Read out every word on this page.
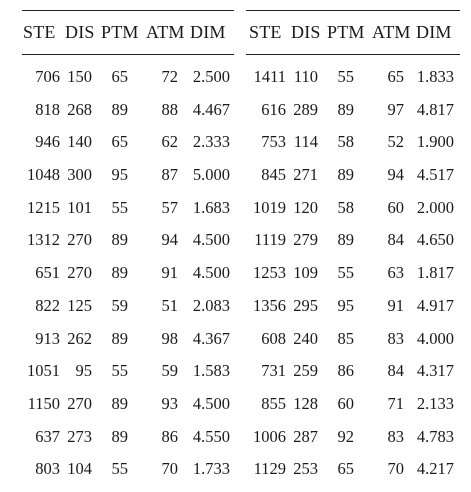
STE DIS PTM ATM DIM STE DIS PTM ATM DIM
706 150	65	72 2.500	1411 110	55	65 1.833
818 268	89	88 4.467	616 289	89	97 4.817
946 140	65	62 2.333	753 114	58	52 1.900
1048 300	95	87 5.000	845 271	89	94 4.517
1215 101	55	57 1.683	1019 120	58	60 2.000
1312 270	89	94 4.500	1119 279	89	84 4.650
651 270	89	91 4.500	1253 109	55	63 1.817
822 125	59	51 2.083	1356 295	95	91 4.917
913 262	89	98 4.367	608 240	85	83 4.000
1051 95	55	59 1.583	731 259	86	84 4.317
1150 270	89	93 4.500	855 128	60	71 2.133
637 273	89	86 4.550	1006 287	92	83 4.783
803 104	55	70 1.733	1129 253	65	70 4.217
